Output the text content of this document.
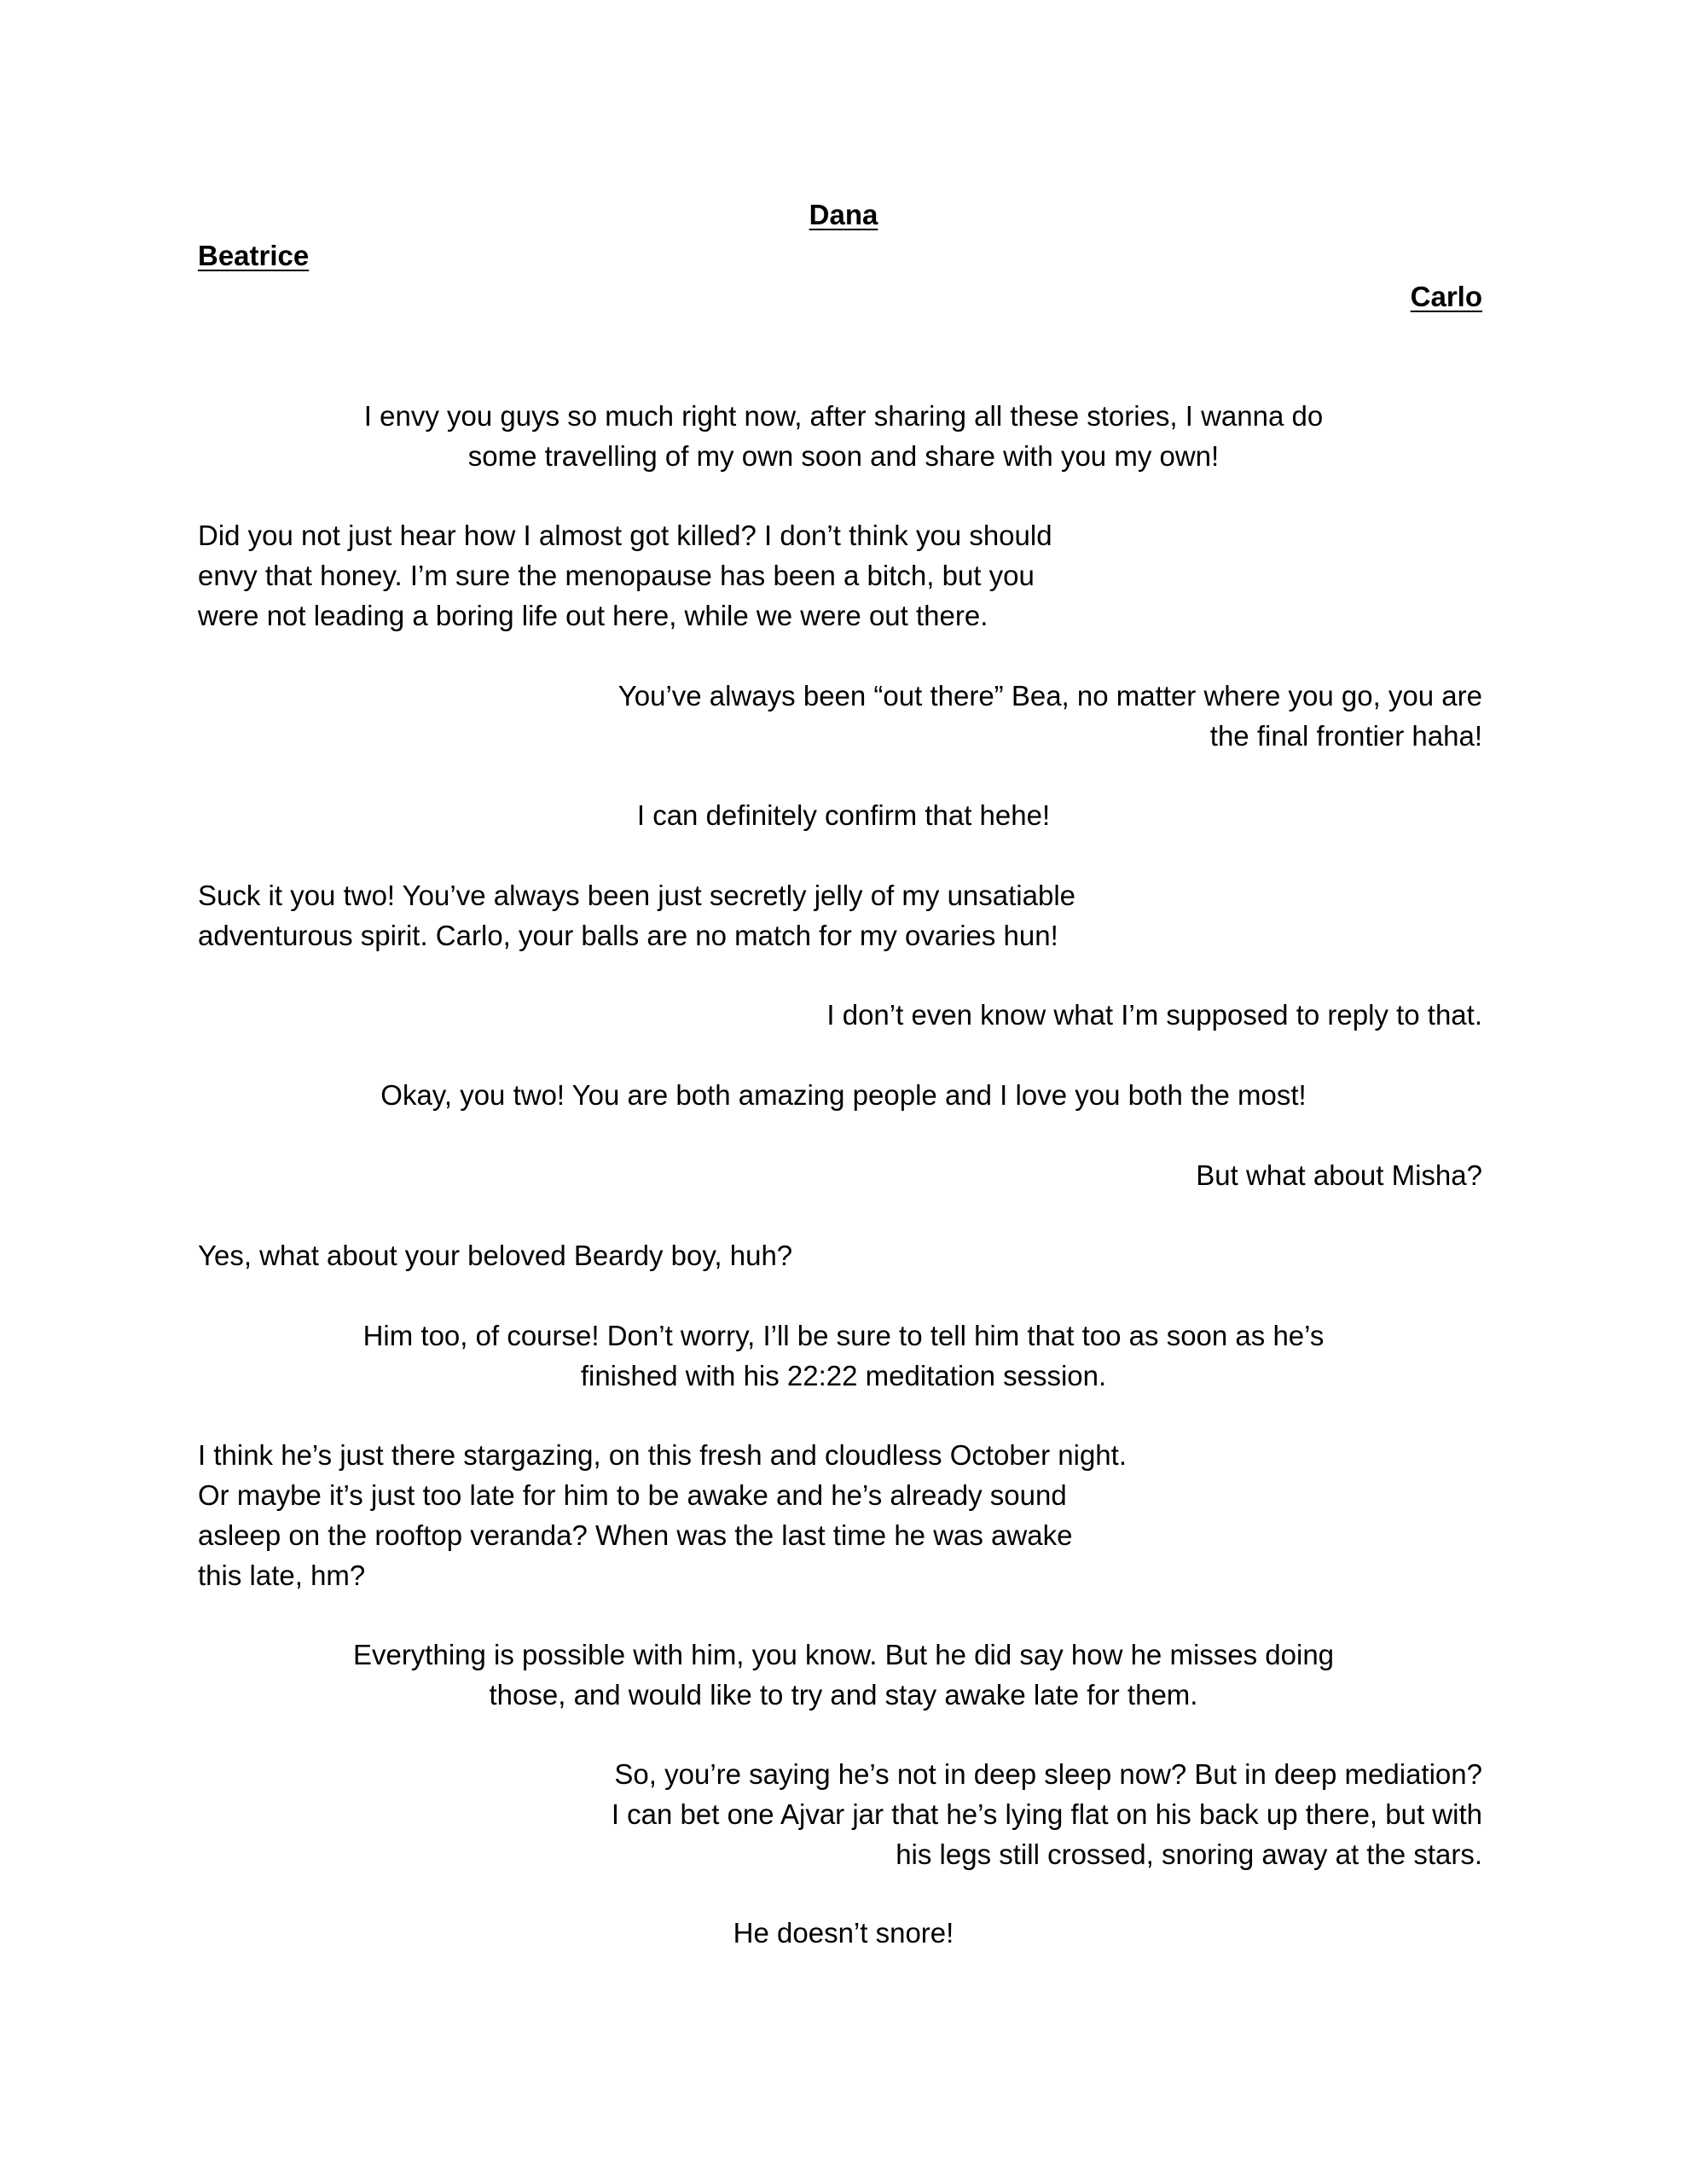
Dana

Beatrice

Carlo

I envy you guys so much right now, after sharing all these stories, I wanna do
some travelling of my own soon and share with you my own!
Did you not just hear how I almost got killed? I don’t think you should
envy that honey. I’m sure the menopause has been a bitch, but you
were not leading a boring life out here, while we were out there.
You’ve always been “out there” Bea, no matter where you go, you are
the final frontier haha!
I can definitely confirm that hehe!
Suck it you two! You’ve always been just secretly jelly of my unsatiable
adventurous spirit. Carlo, your balls are no match for my ovaries hun!
I don’t even know what I’m supposed to reply to that.
Okay, you two! You are both amazing people and I love you both the most!
But what about Misha?
Yes, what about your beloved Beardy boy, huh?
Him too, of course! Don’t worry, I’ll be sure to tell him that too as soon as he’s
finished with his 22:22 meditation session.
I think he’s just there stargazing, on this fresh and cloudless October night.
Or maybe it’s just too late for him to be awake and he’s already sound
asleep on the rooftop veranda? When was the last time he was awake
this late, hm?
Everything is possible with him, you know. But he did say how he misses doing
those, and would like to try and stay awake late for them.
So, you’re saying he’s not in deep sleep now? But in deep mediation?
I can bet one Ajvar jar that he’s lying flat on his back up there, but with
his legs still crossed, snoring away at the stars.
He doesn’t snore!
